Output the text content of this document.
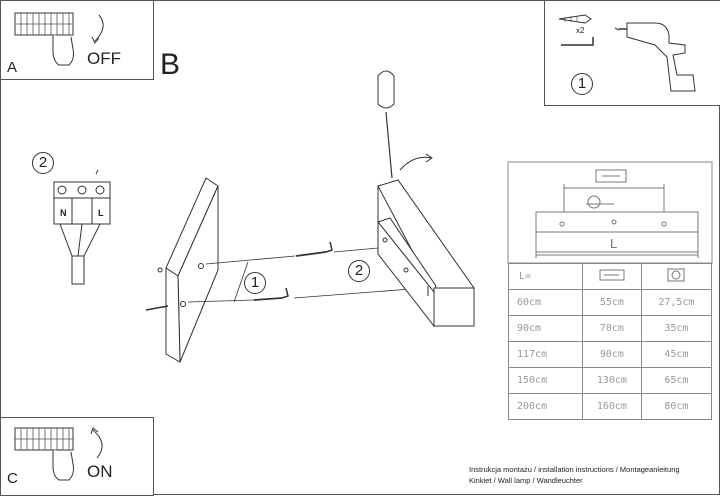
A	OFF
C	ON
1
x2
B
2
1
2
N	L
L
L=		
60cm	55cm	27,5cm
90cm	70cm	35cm
117cm	90cm	45cm
150cm	130cm	65cm
200cm	160cm	80cm
Instrukcja montażu / installation instructions / Montageanleitung
Kinkiet / Wall lamp / Wandleuchter
